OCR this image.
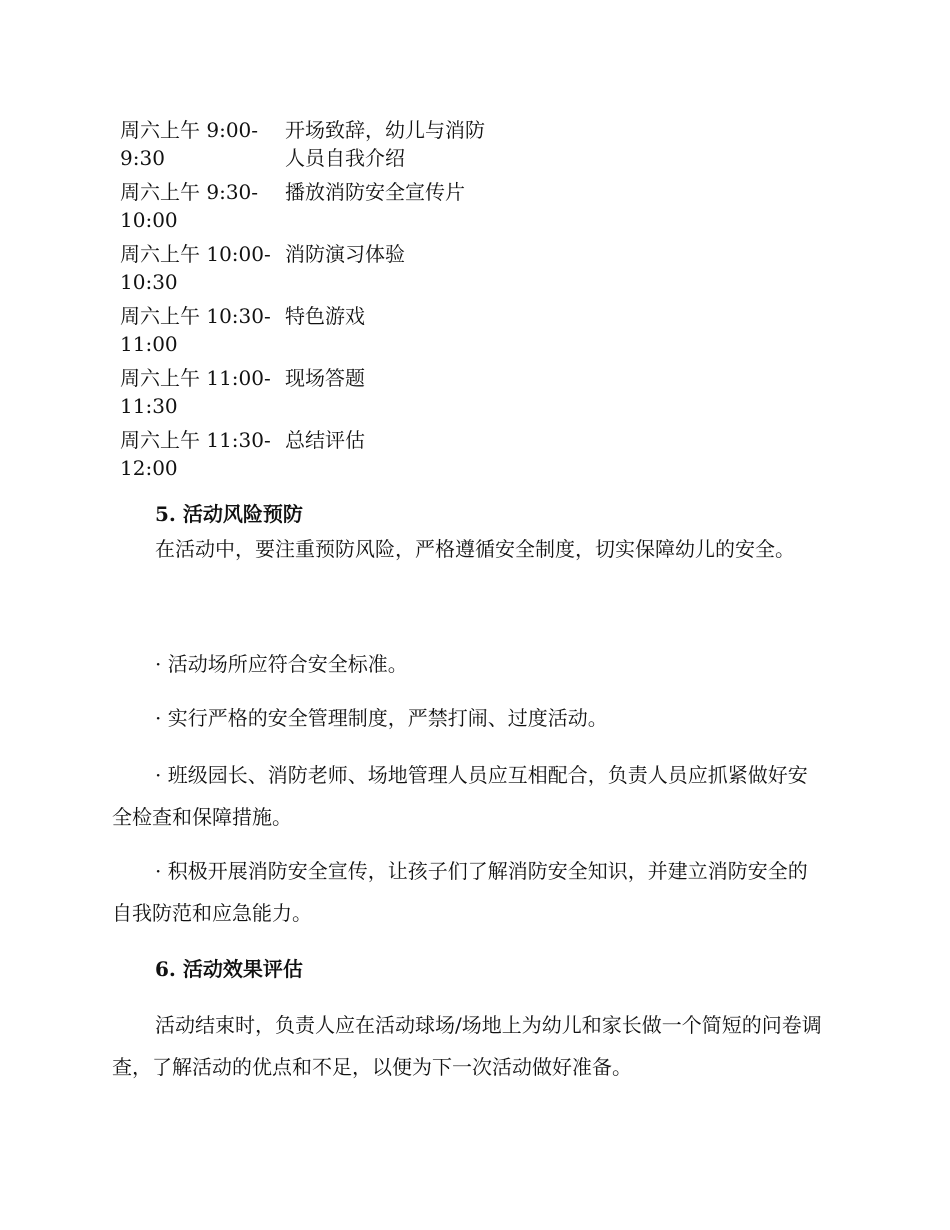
周六上午 9:00-9:30
开场致辞，幼儿与消防人员自我介绍
周六上午 9:30-10:00
播放消防安全宣传片
周六上午 10:00-10:30
消防演习体验
周六上午 10:30-11:00
特色游戏
周六上午 11:00-11:30
现场答题
周六上午 11:30-12:00
总结评估
5. 活动风险预防

在活动中，要注重预防风险，严格遵循安全制度，切实保障幼儿的安全。

· 活动场所应符合安全标准。

· 实行严格的安全管理制度，严禁打闹、过度活动。

· 班级园长、消防老师、场地管理人员应互相配合，负责人员应抓紧做好安全检查和保障措施。

· 积极开展消防安全宣传，让孩子们了解消防安全知识，并建立消防安全的自我防范和应急能力。

6. 活动效果评估

活动结束时，负责人应在活动球场/场地上为幼儿和家长做一个简短的问卷调查，了解活动的优点和不足，以便为下一次活动做好准备。
